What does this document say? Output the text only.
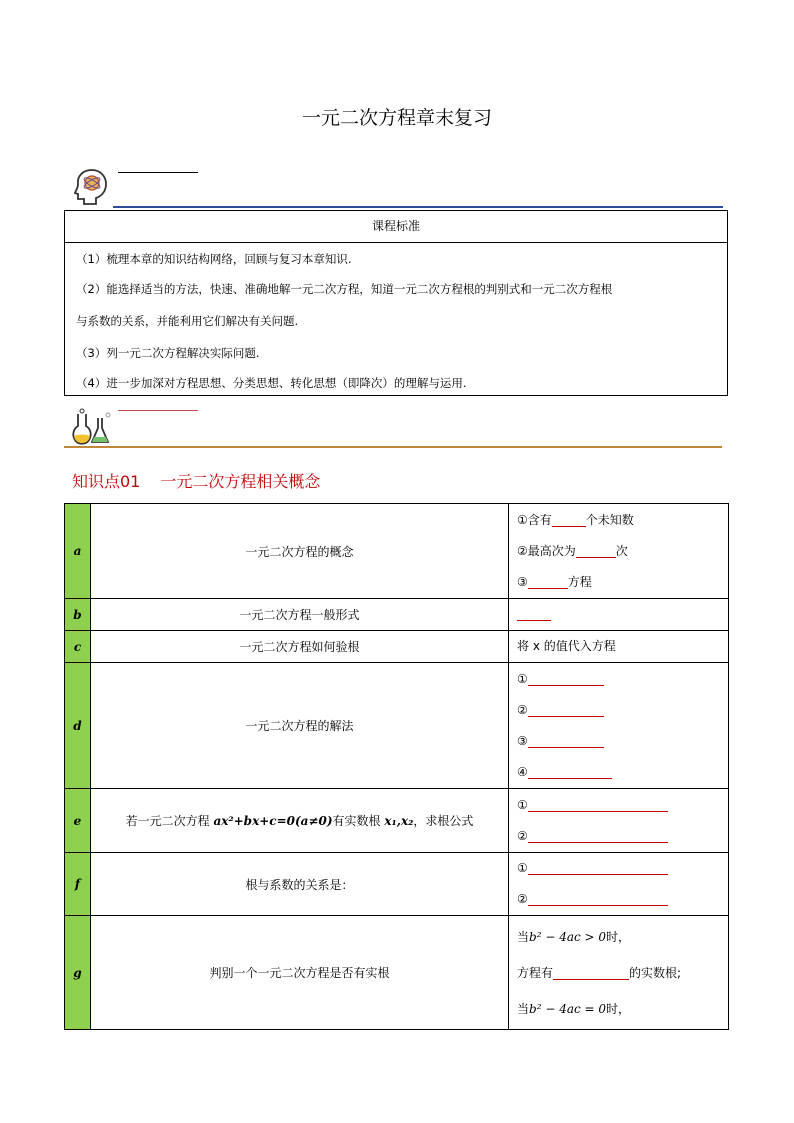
一元二次方程章末复习
课程标准
（1）梳理本章的知识结构网络，回顾与复习本章知识.
（2）能选择适当的方法，快速、准确地解一元二次方程，知道一元二次方程根的判别式和一元二次方程根
与系数的关系，并能利用它们解决有关问题.
（3）列一元二次方程解决实际问题.
（4）进一步加深对方程思想、分类思想、转化思想（即降次）的理解与运用.
知识点01 一元二次方程相关概念
a	一元二次方程的概念	①含有 个未知数
②最高次为 次
③ 方程

b	一元二次方程一般形式	

c	一元二次方程如何验根	将 x 的值代入方程

d	一元二次方程的解法	①
②
③
④

e	若一元二次方程 ax²+bx+c=0(a≠0)有实数根 x₁,x₂，求根公式	①
②

f	根与系数的关系是：	①
②

g	判别一个一元二次方程是否有实根	当b² − 4ac > 0时，
方程有 的实数根;
当b² − 4ac = 0时，
